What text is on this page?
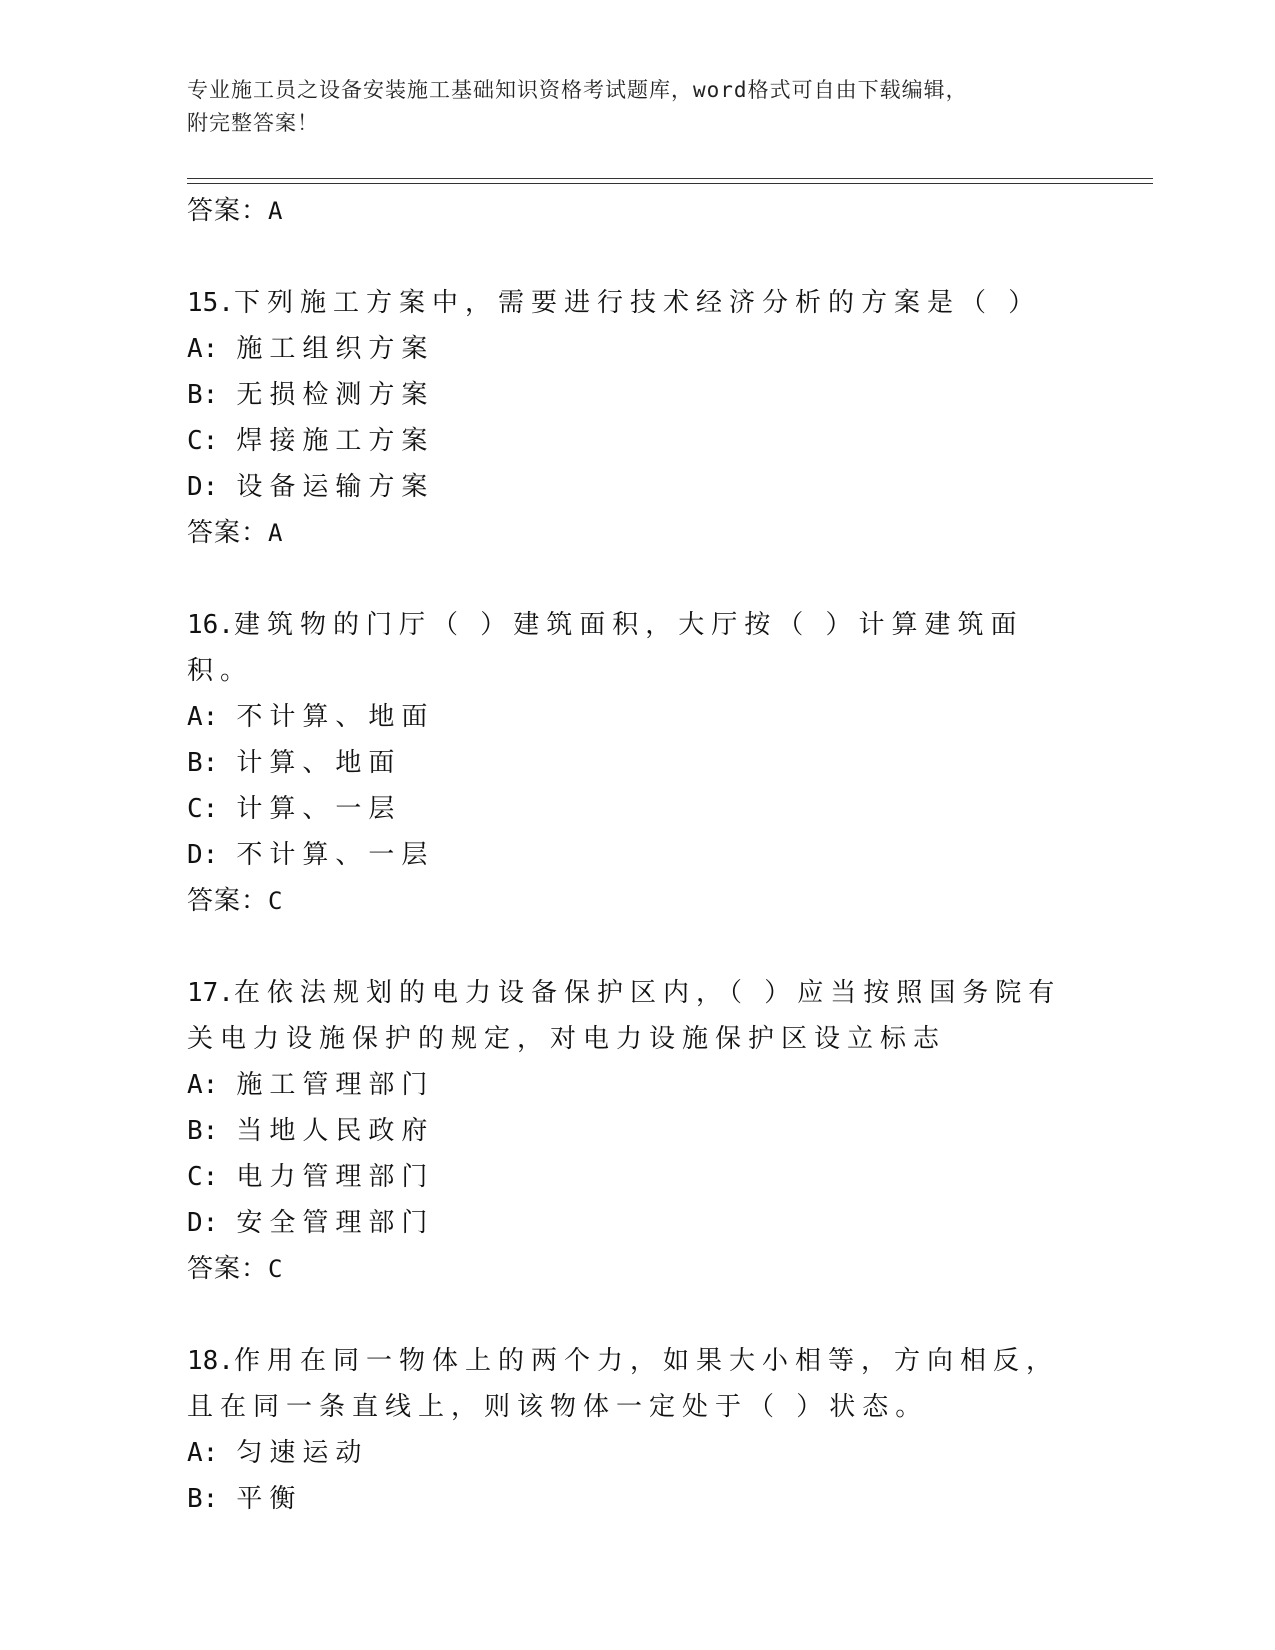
专业施工员之设备安装施工基础知识资格考试题库，word格式可自由下载编辑，
附完整答案！
答案：A
15.下列施工方案中，需要进行技术经济分析的方案是（ ）
A: 施工组织方案
B: 无损检测方案
C: 焊接施工方案
D: 设备运输方案
答案：A
16.建筑物的门厅（ ）建筑面积，大厅按（ ）计算建筑面积。
A: 不计算、地面
B: 计算、地面
C: 计算、一层
D: 不计算、一层
答案：C
17.在依法规划的电力设备保护区内，（ ）应当按照国务院有关电力设施保护的规定，对电力设施保护区设立标志
A: 施工管理部门
B: 当地人民政府
C: 电力管理部门
D: 安全管理部门
答案：C
18.作用在同一物体上的两个力，如果大小相等，方向相反，且在同一条直线上，则该物体一定处于（ ）状态。
A: 匀速运动
B: 平衡
